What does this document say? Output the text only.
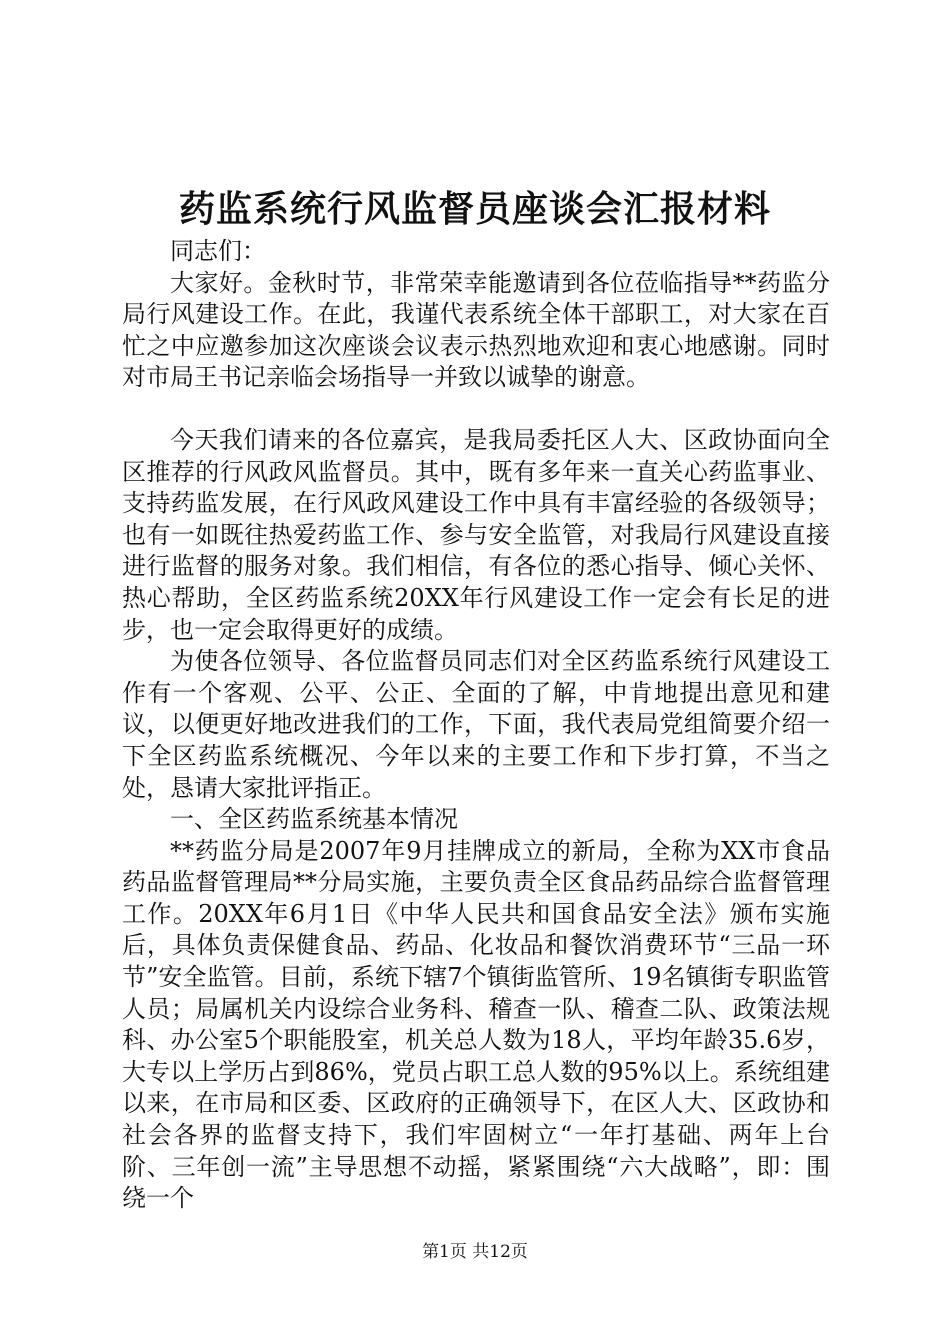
药监系统行风监督员座谈会汇报材料

同志们：

大家好。金秋时节，非常荣幸能邀请到各位莅临指导**药监分局行风建设工作。在此，我谨代表系统全体干部职工，对大家在百忙之中应邀参加这次座谈会议表示热烈地欢迎和衷心地感谢。同时对市局王书记亲临会场指导一并致以诚挚的谢意。

今天我们请来的各位嘉宾，是我局委托区人大、区政协面向全区推荐的行风政风监督员。其中，既有多年来一直关心药监事业、支持药监发展，在行风政风建设工作中具有丰富经验的各级领导；也有一如既往热爱药监工作、参与安全监管，对我局行风建设直接进行监督的服务对象。我们相信，有各位的悉心指导、倾心关怀、热心帮助，全区药监系统20XX年行风建设工作一定会有长足的进步，也一定会取得更好的成绩。

为使各位领导、各位监督员同志们对全区药监系统行风建设工作有一个客观、公平、公正、全面的了解，中肯地提出意见和建议，以便更好地改进我们的工作，下面，我代表局党组简要介绍一下全区药监系统概况、今年以来的主要工作和下步打算，不当之处，恳请大家批评指正。

一、全区药监系统基本情况

**药监分局是2007年9月挂牌成立的新局，全称为XX市食品药品监督管理局**分局实施，主要负责全区食品药品综合监督管理工作。20XX年6月1日《中华人民共和国食品安全法》颁布实施后，具体负责保健食品、药品、化妆品和餐饮消费环节“三品一环节”安全监管。目前，系统下辖7个镇街监管所、19名镇街专职监管人员；局属机关内设综合业务科、稽查一队、稽查二队、政策法规科、办公室5个职能股室，机关总人数为18人，平均年龄35.6岁，大专以上学历占到86%，党员占职工总人数的95%以上。系统组建以来，在市局和区委、区政府的正确领导下，在区人大、区政协和社会各界的监督支持下，我们牢固树立“一年打基础、两年上台阶、三年创一流”主导思想不动摇，紧紧围绕“六大战略”，即：围绕一个

第1页 共12页
